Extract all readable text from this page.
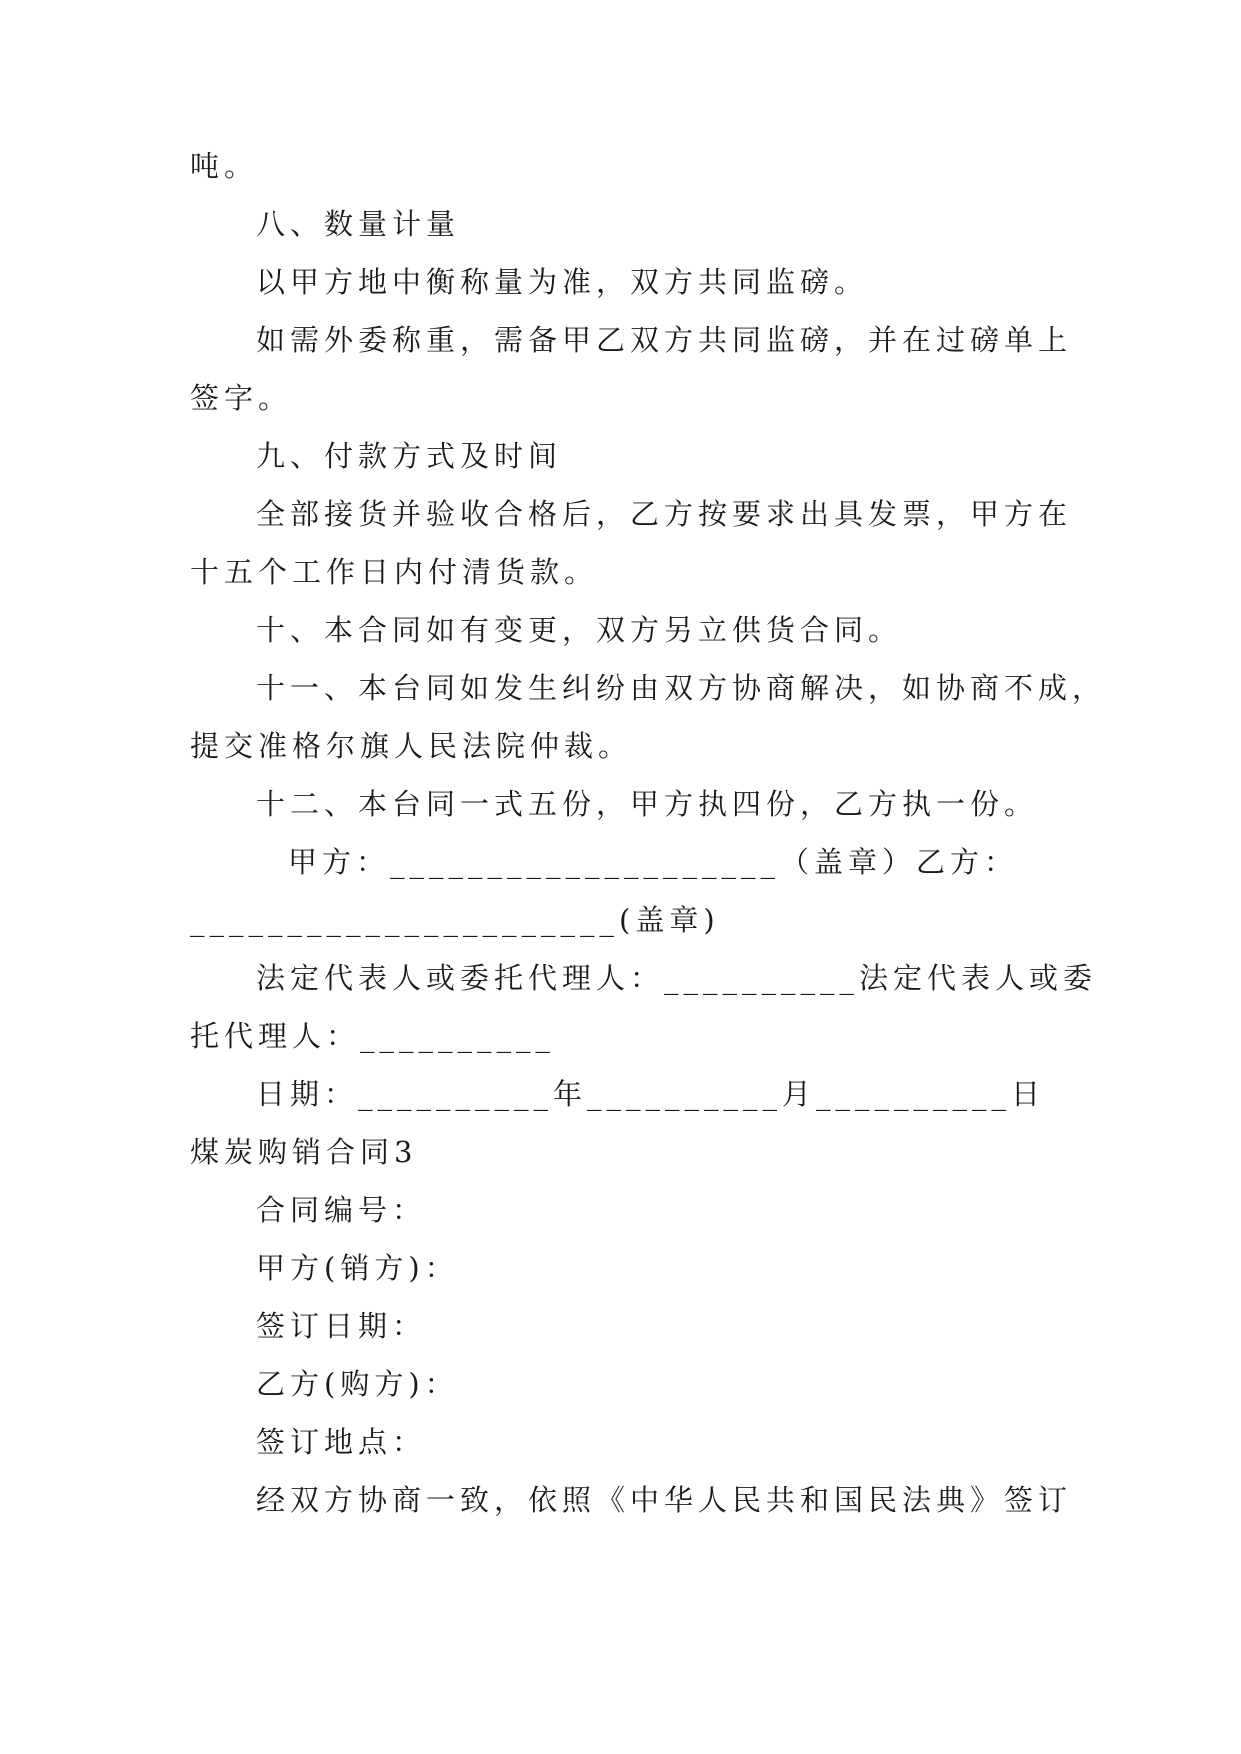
吨。
八、数量计量
以甲方地中衡称量为准，双方共同监磅。
如需外委称重，需备甲乙双方共同监磅，并在过磅单上
签字。
九、付款方式及时间
全部接货并验收合格后，乙方按要求出具发票，甲方在
十五个工作日内付清货款。
十、本合同如有变更，双方另立供货合同。
十一、本台同如发生纠纷由双方协商解决，如协商不成，
提交准格尔旗人民法院仲裁。
十二、本台同一式五份，甲方执四份，乙方执一份。
甲方：____________________（盖章）乙方：
______________________(盖章)
法定代表人或委托代理人：__________法定代表人或委
托代理人：__________
日期：__________年__________月__________日
煤炭购销合同3
合同编号：
甲方(销方)：
签订日期：
乙方(购方)：
签订地点：
经双方协商一致，依照《中华人民共和国民法典》签订
